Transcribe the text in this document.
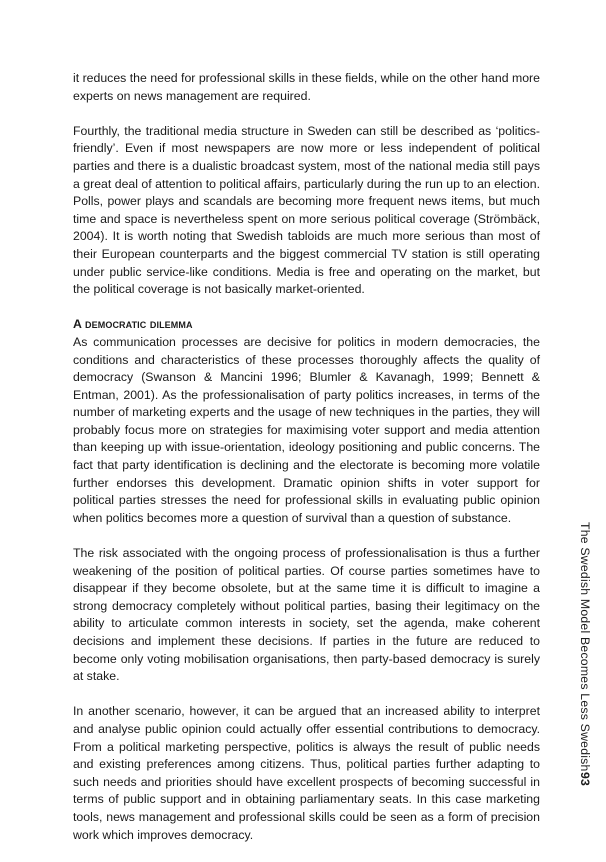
it reduces the need for professional skills in these fields, while on the other hand more experts on news management are required.

Fourthly, the traditional media structure in Sweden can still be described as ‘politics-friendly’. Even if most newspapers are now more or less independent of political parties and there is a dualistic broadcast system, most of the national media still pays a great deal of attention to political affairs, particularly during the run up to an election. Polls, power plays and scandals are becoming more frequent news items, but much time and space is nevertheless spent on more serious political coverage (Strömbäck, 2004). It is worth noting that Swedish tabloids are much more serious than most of their European counterparts and the biggest commercial TV station is still operating under public service-like conditions. Media is free and operating on the market, but the political coverage is not basically market-oriented.

A democratic dilemma

As communication processes are decisive for politics in modern democracies, the conditions and characteristics of these processes thoroughly affects the quality of democracy (Swanson & Mancini 1996; Blumler & Kavanagh, 1999; Bennett & Entman, 2001). As the professionalisation of party politics increases, in terms of the number of marketing experts and the usage of new techniques in the parties, they will probably focus more on strategies for maximising voter support and media attention than keeping up with issue-orientation, ideology positioning and public concerns. The fact that party identification is declining and the electorate is becoming more volatile further endorses this development. Dramatic opinion shifts in voter support for political parties stresses the need for professional skills in evaluating public opinion when politics becomes more a question of survival than a question of substance.

The risk associated with the ongoing process of professionalisation is thus a further weakening of the position of political parties. Of course parties sometimes have to disappear if they become obsolete, but at the same time it is difficult to imagine a strong democracy completely without political parties, basing their legitimacy on the ability to articulate common interests in society, set the agenda, make coherent decisions and implement these decisions. If parties in the future are reduced to become only voting mobilisation organisations, then party-based democracy is surely at stake.

In another scenario, however, it can be argued that an increased ability to interpret and analyse public opinion could actually offer essential contributions to democracy. From a political marketing perspective, politics is always the result of public needs and existing preferences among citizens. Thus, political parties further adapting to such needs and priorities should have excellent prospects of becoming successful in terms of public support and in obtaining parliamentary seats. In this case marketing tools, news management and professional skills could be seen as a form of precision work which improves democracy.

The Swedish Model Becomes Less Swedish93
